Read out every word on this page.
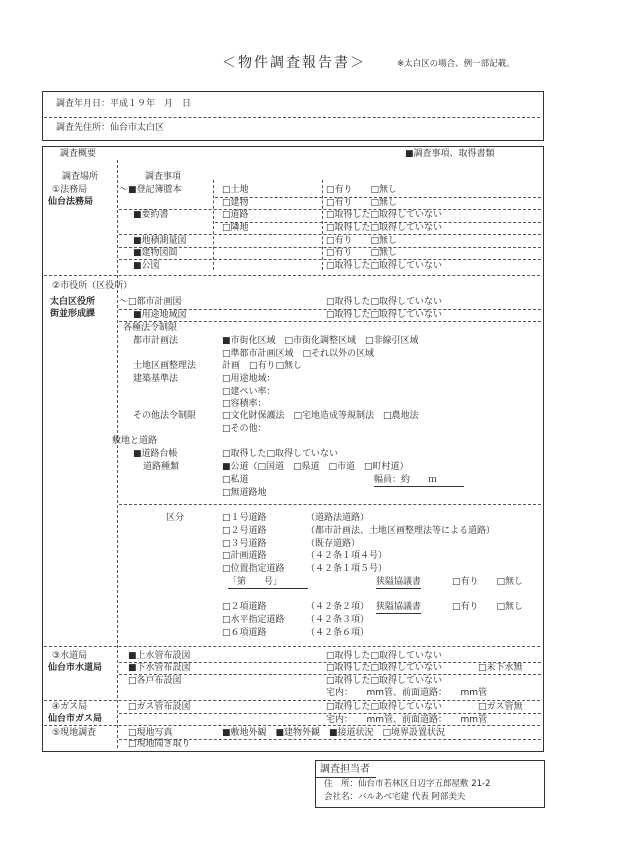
＜物件調査報告書＞	※太白区の場合、例一部記載。
調査年月日：平成１９年　月　日
調査先住所：仙台市太白区
調査概要	■調査事項、取得書類
調査場所	調査事項
①法務局
仙台法務局
〜■登記簿謄本	□土地	□有り　　□無し
□建物	□有り　　□無し
■要約書	□道路	□取得した□取得していない
□隣地	□取得した□取得していない
■地積測量図	□有り　　□無し
■建物図面	□有り　　□無し
■公図	□取得した□取得していない
②市役所（区役所）
太白区役所
街並形成課
〜□都市計画図	□取得した□取得していない
■用途地域図	□取得した□取得していない
各種法令制限
都市計画法	■市街化区域　□市街化調整区域　□非線引区域
□準都市計画区域　□それ以外の区域
土地区画整理法	計画　□有り□無し
建築基準法	□用途地域：
□建ぺい率：
□容積率：
その他法令制限	□文化財保護法　□宅地造成等規制法　□農地法
□その他：
敷地と道路
■道路台帳	□取得した□取得していない
道路種類	■公道（□国道　□県道　□市道　□町村道）
□私道	幅員：約　　ｍ
□無道路地
区分	□１号道路	（道路法道路）
□２号道路	（都市計画法、土地区画整理法等による道路）
□３号道路	（既存道路）
□計画道路	（４２条１項４号）
□位置指定道路 （４２条１項５号）
「第　　号」	狭隘協議書	□有り　　□無し
□２項道路	（４２条２項） 狭隘協議書	□有り　　□無し
□水平指定道路 （４２条３項）
□６項道路	（４２条６項）
③水道局
仙台市水道局
■上水管布設図	□取得した□取得していない
■下水管布設図	□取得した□取得していない	□未下水無
□各戸布設図	□取得した□取得していない
宅内：　　mm管、前面道路：　　mm管
④ガス局
仙台市ガス局
□ガス管布設図	□取得した□取得していない	□ガス管無
宅内：　　mm管、前面道路：　　mm管
⑤現地調査	□現地写真	■敷地外観　■建物外観　■接道状況　□境界設置状況
□現地聞き取り
調査担当者
住　所：仙台市若林区日辺字五郎屋敷 21-2
会社名：バルあべ宅建 代表 阿部美夫
